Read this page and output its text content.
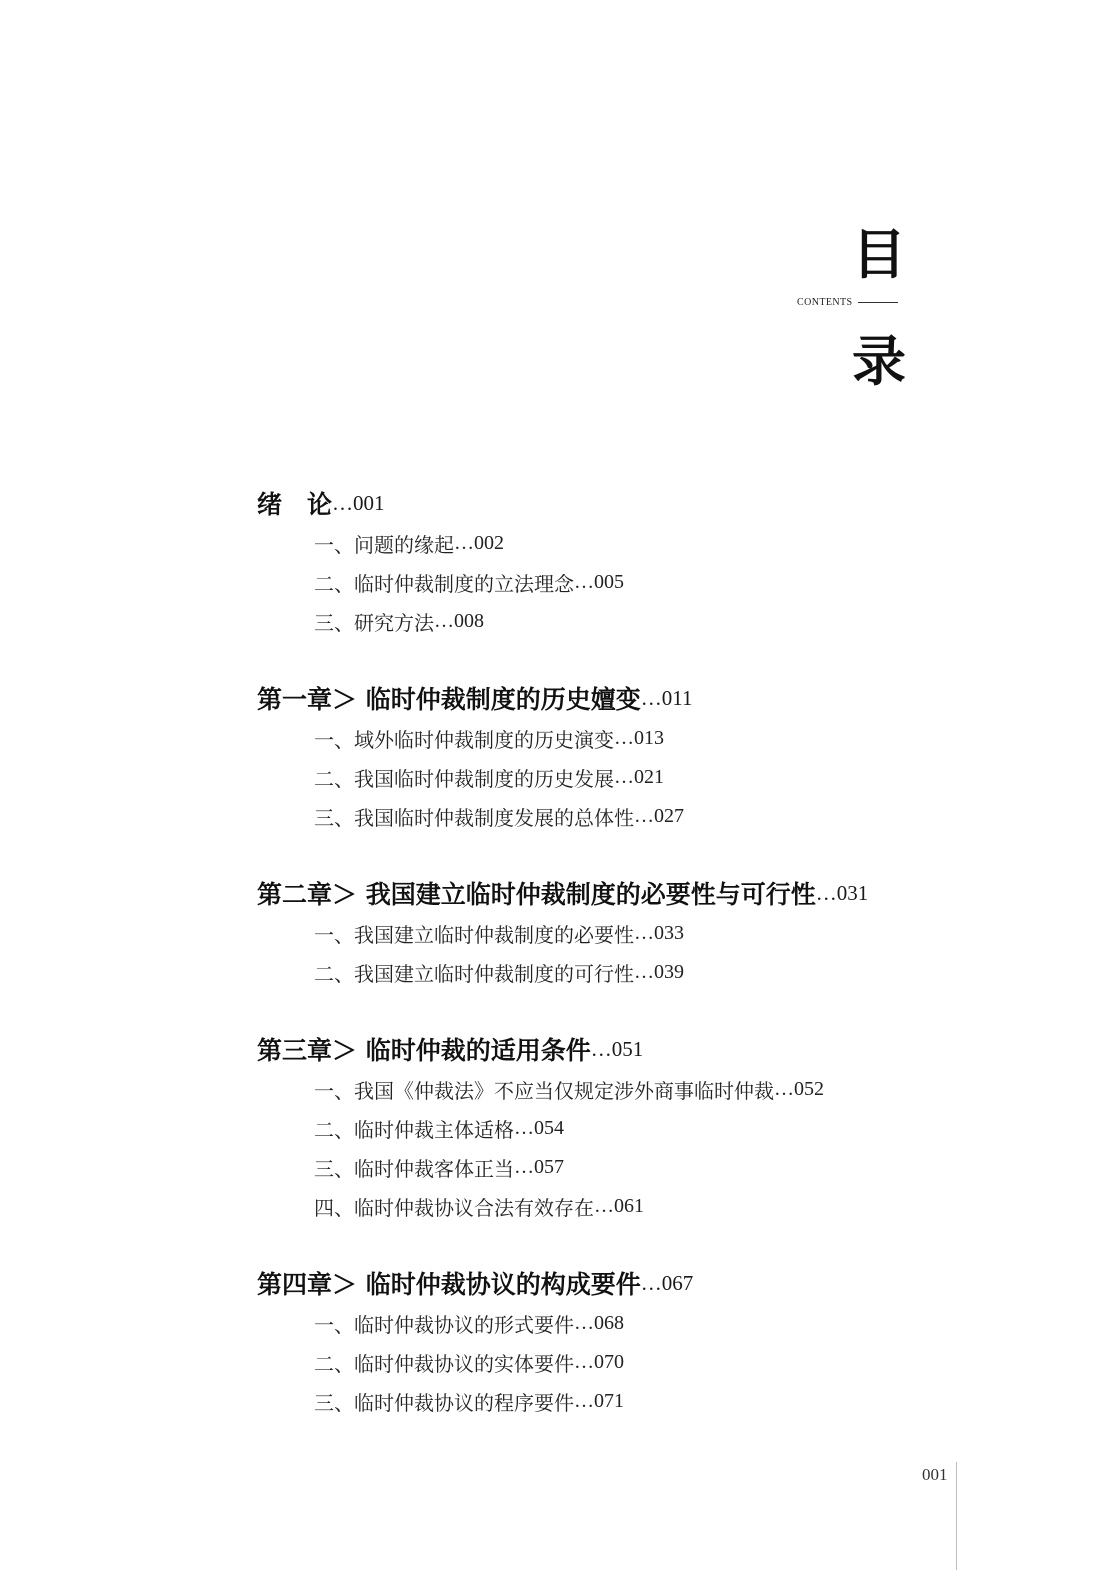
目
CONTENTS
录
绪　论 …001
一、问题的缘起 …002
二、临时仲裁制度的立法理念 …005
三、研究方法 …008
第一章＞ 临时仲裁制度的历史嬗变 …011
一、域外临时仲裁制度的历史演变 …013
二、我国临时仲裁制度的历史发展 …021
三、我国临时仲裁制度发展的总体性 …027
第二章＞ 我国建立临时仲裁制度的必要性与可行性 …031
一、我国建立临时仲裁制度的必要性 …033
二、我国建立临时仲裁制度的可行性 …039
第三章＞ 临时仲裁的适用条件 …051
一、我国《仲裁法》不应当仅规定涉外商事临时仲裁 …052
二、临时仲裁主体适格 …054
三、临时仲裁客体正当 …057
四、临时仲裁协议合法有效存在 …061
第四章＞ 临时仲裁协议的构成要件 …067
一、临时仲裁协议的形式要件 …068
二、临时仲裁协议的实体要件 …070
三、临时仲裁协议的程序要件 …071
001
